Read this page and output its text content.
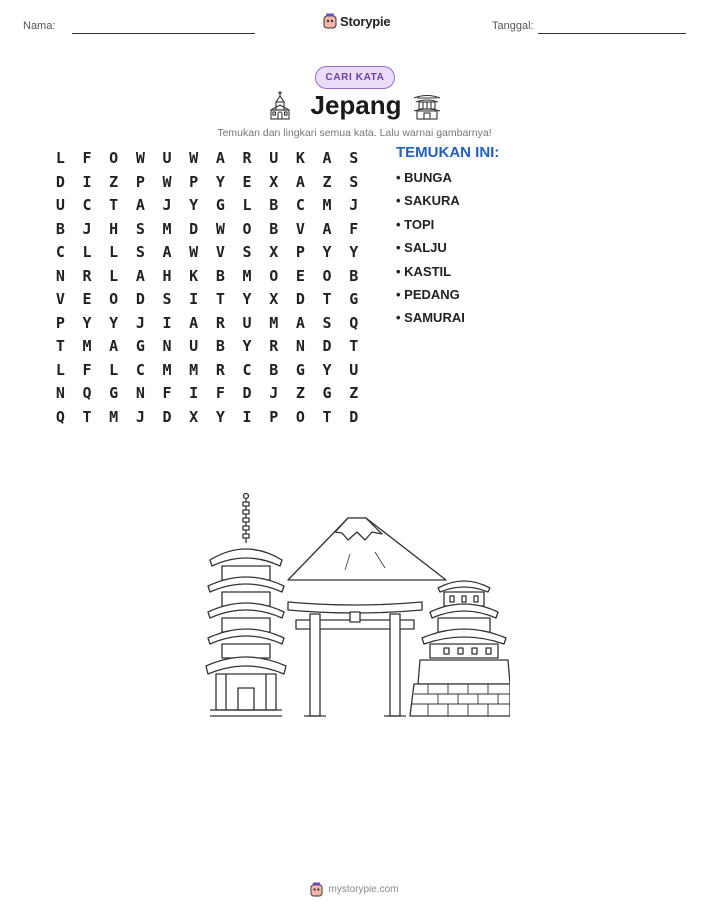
Nama:	Storypie	Tanggal:
CARI KATA
Jepang
Temukan dan lingkari semua kata. Lalu warnai gambarnya!
L	F	O	W	U	W	A	R	U	K	A	S
D	I	Z	P	W	P	Y	E	X	A	Z	S
U	C	T	A	J	Y	G	L	B	C	M	J
B	J	H	S	M	D	W	O	B	V	A	F
C	L	L	S	A	W	V	S	X	P	Y	Y
N	R	L	A	H	K	B	M	O	E	O	B
V	E	O	D	S	I	T	Y	X	D	T	G
P	Y	Y	J	I	A	R	U	M	A	S	Q
T	M	A	G	N	U	B	Y	R	N	D	T
L	F	L	C	M	M	R	C	B	G	Y	U
N	Q	G	N	F	I	F	D	J	Z	G	Z
Q	T	M	J	D	X	Y	I	P	O	T	D
TEMUKAN INI:
• BUNGA
• SAKURA
• TOPI
• SALJU
• KASTIL
• PEDANG
• SAMURAI
mystorypie.com
